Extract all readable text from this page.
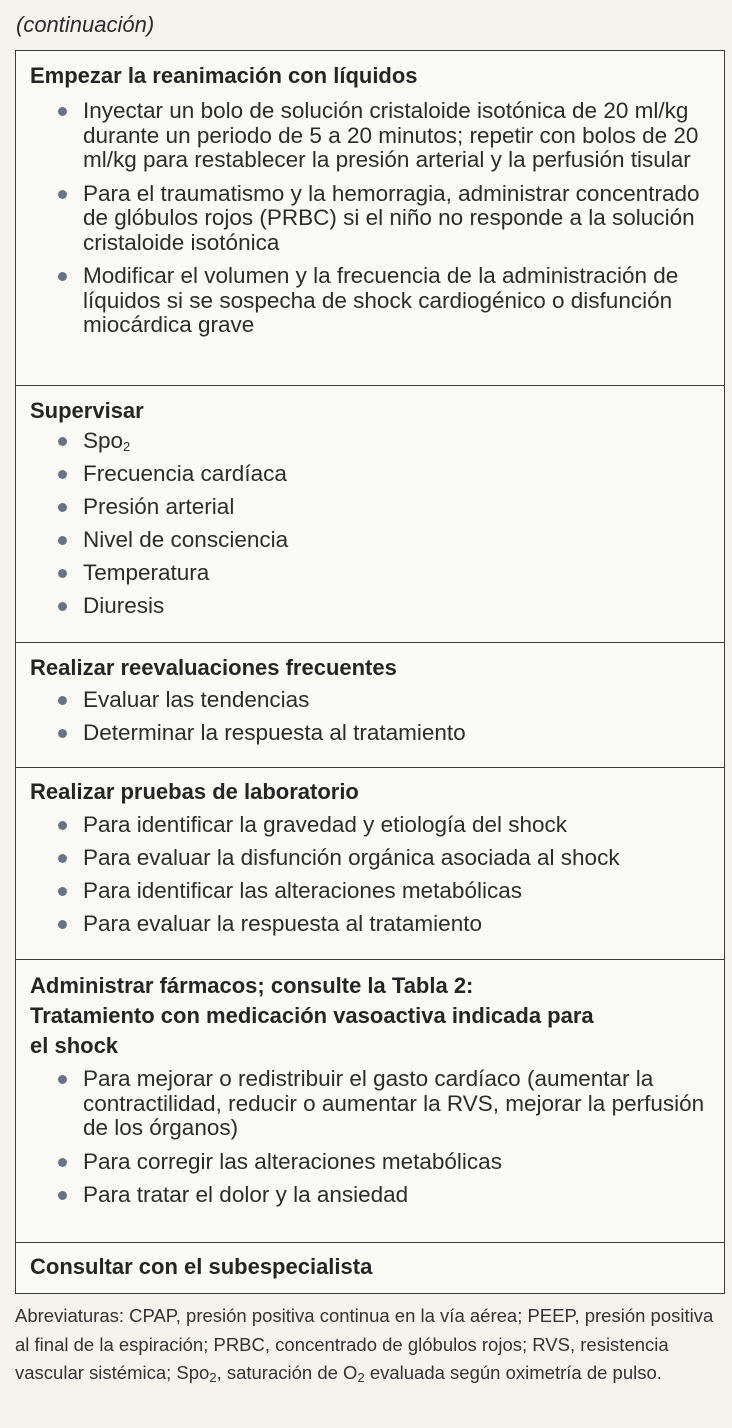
(continuación)
Empezar la reanimación con líquidos
Inyectar un bolo de solución cristaloide isotónica de 20 ml/kg durante un periodo de 5 a 20 minutos; repetir con bolos de 20 ml/kg para restablecer la presión arterial y la perfusión tisular
Para el traumatismo y la hemorragia, administrar concentrado de glóbulos rojos (PRBC) si el niño no responde a la solución cristaloide isotónica
Modificar el volumen y la frecuencia de la administración de líquidos si se sospecha de shock cardiogénico o disfunción miocárdica grave
Supervisar
Spo$_2$
Frecuencia cardíaca
Presión arterial
Nivel de consciencia
Temperatura
Diuresis
Realizar reevaluaciones frecuentes
Evaluar las tendencias
Determinar la respuesta al tratamiento
Realizar pruebas de laboratorio
Para identificar la gravedad y etiología del shock
Para evaluar la disfunción orgánica asociada al shock
Para identificar las alteraciones metabólicas
Para evaluar la respuesta al tratamiento
Administrar fármacos; consulte la Tabla 2:
Tratamiento con medicación vasoactiva indicada para
el shock
Para mejorar o redistribuir el gasto cardíaco (aumentar la contractilidad, reducir o aumentar la RVS, mejorar la perfusión de los órganos)
Para corregir las alteraciones metabólicas
Para tratar el dolor y la ansiedad
Consultar con el subespecialista
Abreviaturas: CPAP, presión positiva continua en la vía aérea; PEEP, presión positiva al final de la espiración; PRBC, concentrado de glóbulos rojos; RVS, resistencia vascular sistémica; Spo$_2$, saturación de $O_2$ evaluada según oximetría de pulso.
